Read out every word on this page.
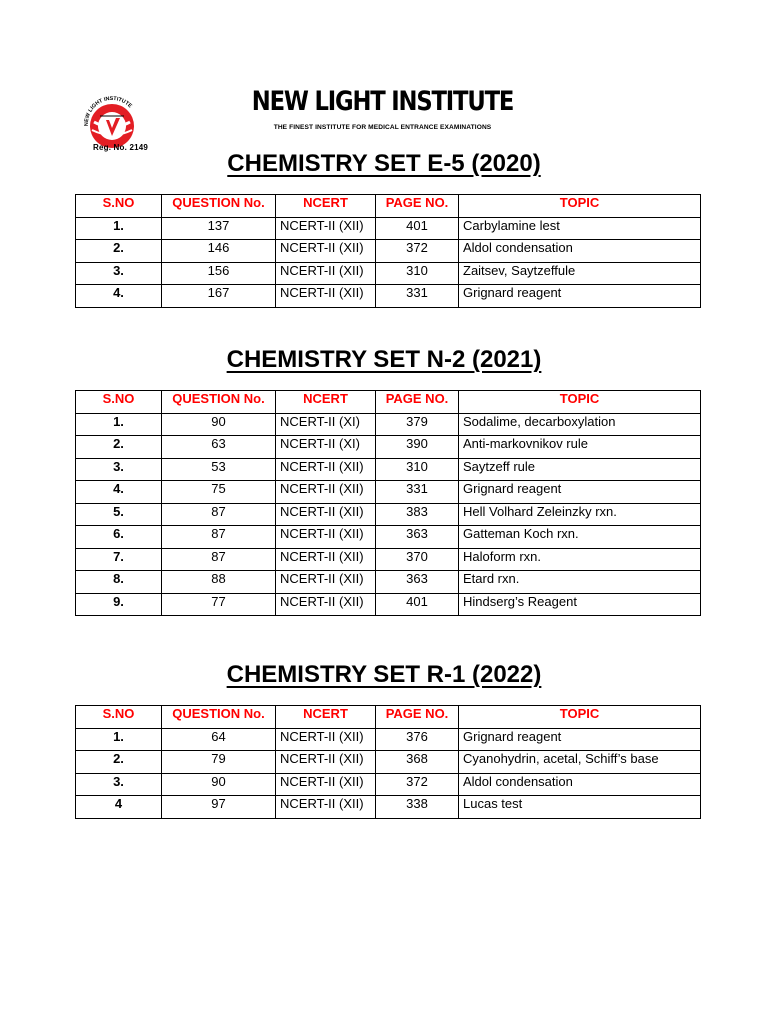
NEW LIGHT INSTITUTE
Reg. No. 2149
NEW LIGHT INSTITUTE
THE FINEST INSTITUTE FOR MEDICAL ENTRANCE EXAMINATIONS
CHEMISTRY SET E-5 (2020)
S.NO	QUESTION No.	NCERT	PAGE NO.	TOPIC
1.	137	NCERT-II (XII)	401	Carbylamine lest
2.	146	NCERT-II (XII)	372	Aldol condensation
3.	156	NCERT-II (XII)	310	Zaitsev, Saytzeffule
4.	167	NCERT-II (XII)	331	Grignard reagent
CHEMISTRY SET N-2 (2021)
S.NO	QUESTION No.	NCERT	PAGE NO.	TOPIC
1.	90	NCERT-II (XI)	379	Sodalime, decarboxylation
2.	63	NCERT-II (XI)	390	Anti-markovnikov rule
3.	53	NCERT-II (XII)	310	Saytzeff rule
4.	75	NCERT-II (XII)	331	Grignard reagent
5.	87	NCERT-II (XII)	383	Hell Volhard Zeleinzky rxn.
6.	87	NCERT-II (XII)	363	Gatteman Koch rxn.
7.	87	NCERT-II (XII)	370	Haloform rxn.
8.	88	NCERT-II (XII)	363	Etard rxn.
9.	77	NCERT-II (XII)	401	Hindserg’s Reagent
CHEMISTRY SET R-1 (2022)
S.NO	QUESTION No.	NCERT	PAGE NO.	TOPIC
1.	64	NCERT-II (XII)	376	Grignard reagent
2.	79	NCERT-II (XII)	368	Cyanohydrin, acetal, Schiff’s base
3.	90	NCERT-II (XII)	372	Aldol condensation
4	97	NCERT-II (XII)	338	Lucas test
